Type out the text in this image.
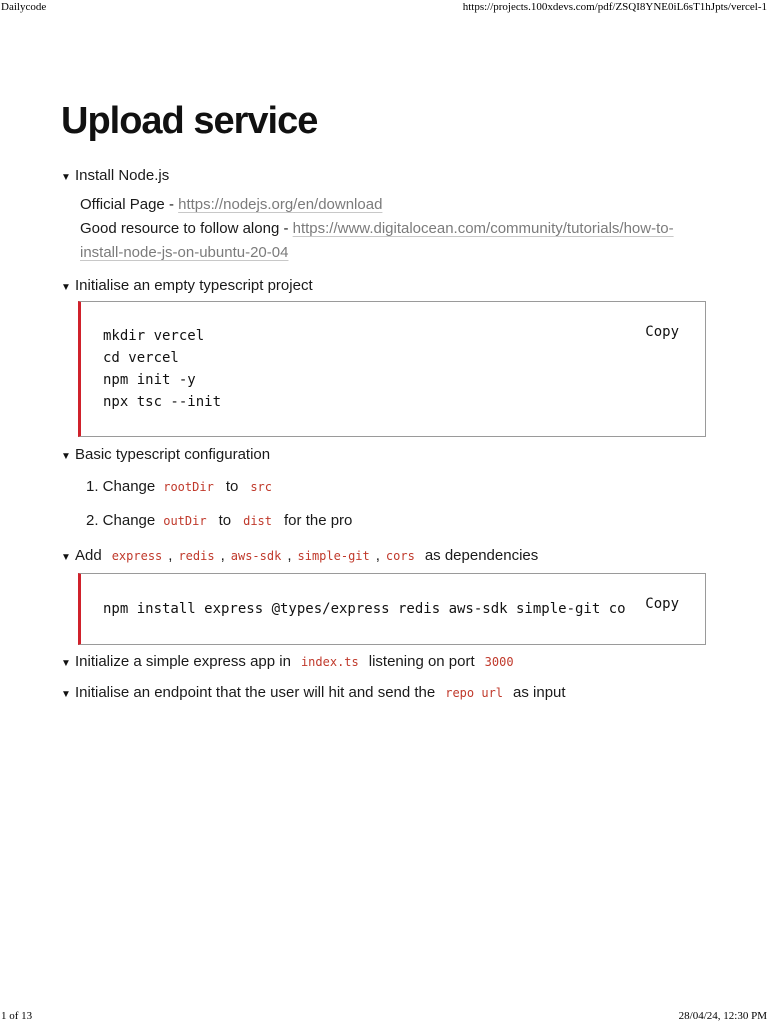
Dailycode	https://projects.100xdevs.com/pdf/ZSQI8YNE0iL6sT1hJpts/vercel-1
Upload service
▼ Install Node.js
Official Page - https://nodejs.org/en/download
Good resource to follow along - https://www.digitalocean.com/community/tutorials/how-to-
install-node-js-on-ubuntu-20-04
▼ Initialise an empty typescript project
mkdir vercel
cd vercel
npm init -y
npx tsc --init
Copy
▼ Basic typescript configuration
1. Change rootDir to src
2. Change outDir to dist for the pro
▼ Add express , redis , aws-sdk , simple-git , cors as dependencies
npm install express @types/express redis aws-sdk simple-git co	Copy
▼ Initialize a simple express app in index.ts listening on port 3000
▼ Initialise an endpoint that the user will hit and send the repo url as input
1 of 13	28/04/24, 12:30 PM
